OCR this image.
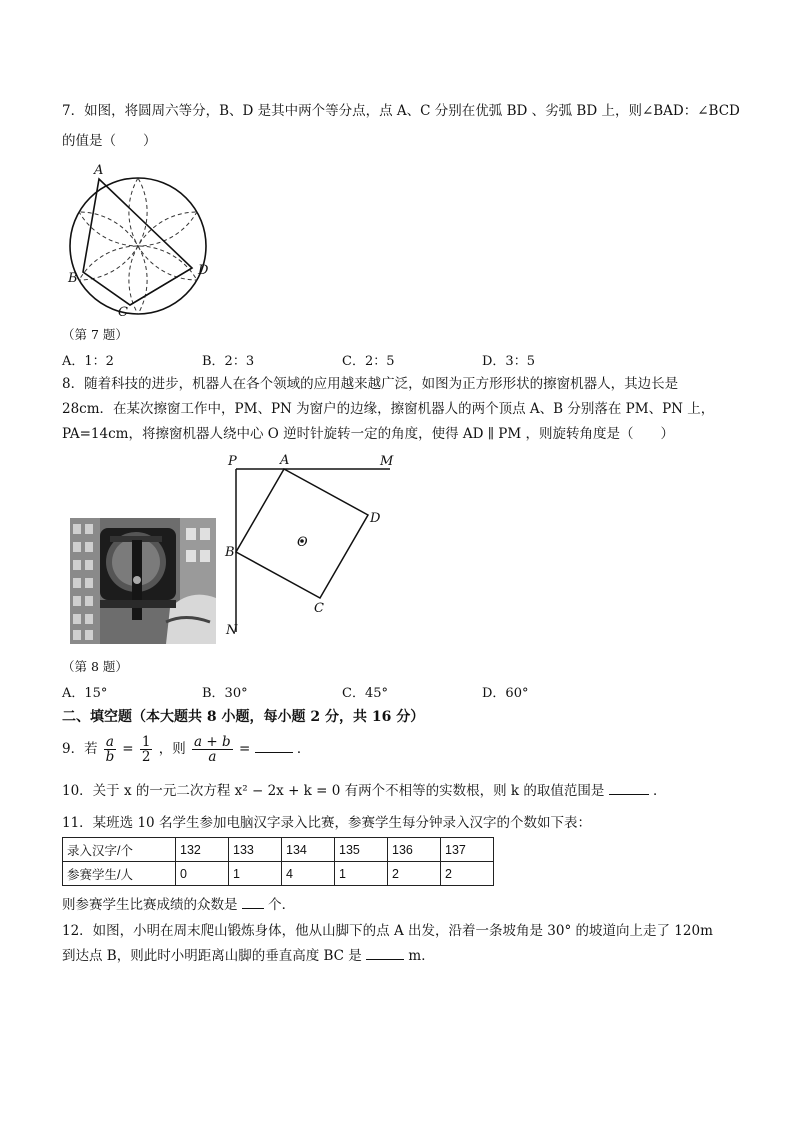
7．如图，将圆周六等分，B、D 是其中两个等分点，点 A、C 分别在优弧 BD 、劣弧 BD 上，则∠BAD：∠BCD
的值是（　　）
A
B
C
D
（第 7 题）
A．1：2	B．2：3	C．2：5	D．3：5
8．随着科技的进步，机器人在各个领域的应用越来越广泛，如图为正方形形状的擦窗机器人，其边长是
28cm．在某次擦窗工作中，PM、PN 为窗户的边缘，擦窗机器人的两个顶点 A、B 分别落在 PM、PN 上，
PA=14cm，将擦窗机器人绕中心 O 逆时针旋转一定的角度，使得 AD ∥ PM ，则旋转角度是（　　）
P	A	M
D
B
O
C
N
（第 8 题）
A．15°	B．30°	C．45°	D．60°
二、填空题（本大题共 8 小题，每小题 2 分，共 16 分）
9．若 $\frac{a}{b} = \frac{1}{2}$ ，则 $\frac{a + b}{a}$ =	．
10．关于 x 的一元二次方程 x² − 2x + k = 0 有两个不相等的实数根，则 k 的取值范围是	．
11．某班选 10 名学生参加电脑汉字录入比赛，参赛学生每分钟录入汉字的个数如下表：
录入汉字/个	132	133	134	135	136	137
参赛学生/人	0	1	4	1	2	2
则参赛学生比赛成绩的众数是 个．
12．如图，小明在周末爬山锻炼身体，他从山脚下的点 A 出发，沿着一条坡角是 30° 的坡道向上走了 120m
到达点 B，则此时小明距离山脚的垂直高度 BC 是	m．
